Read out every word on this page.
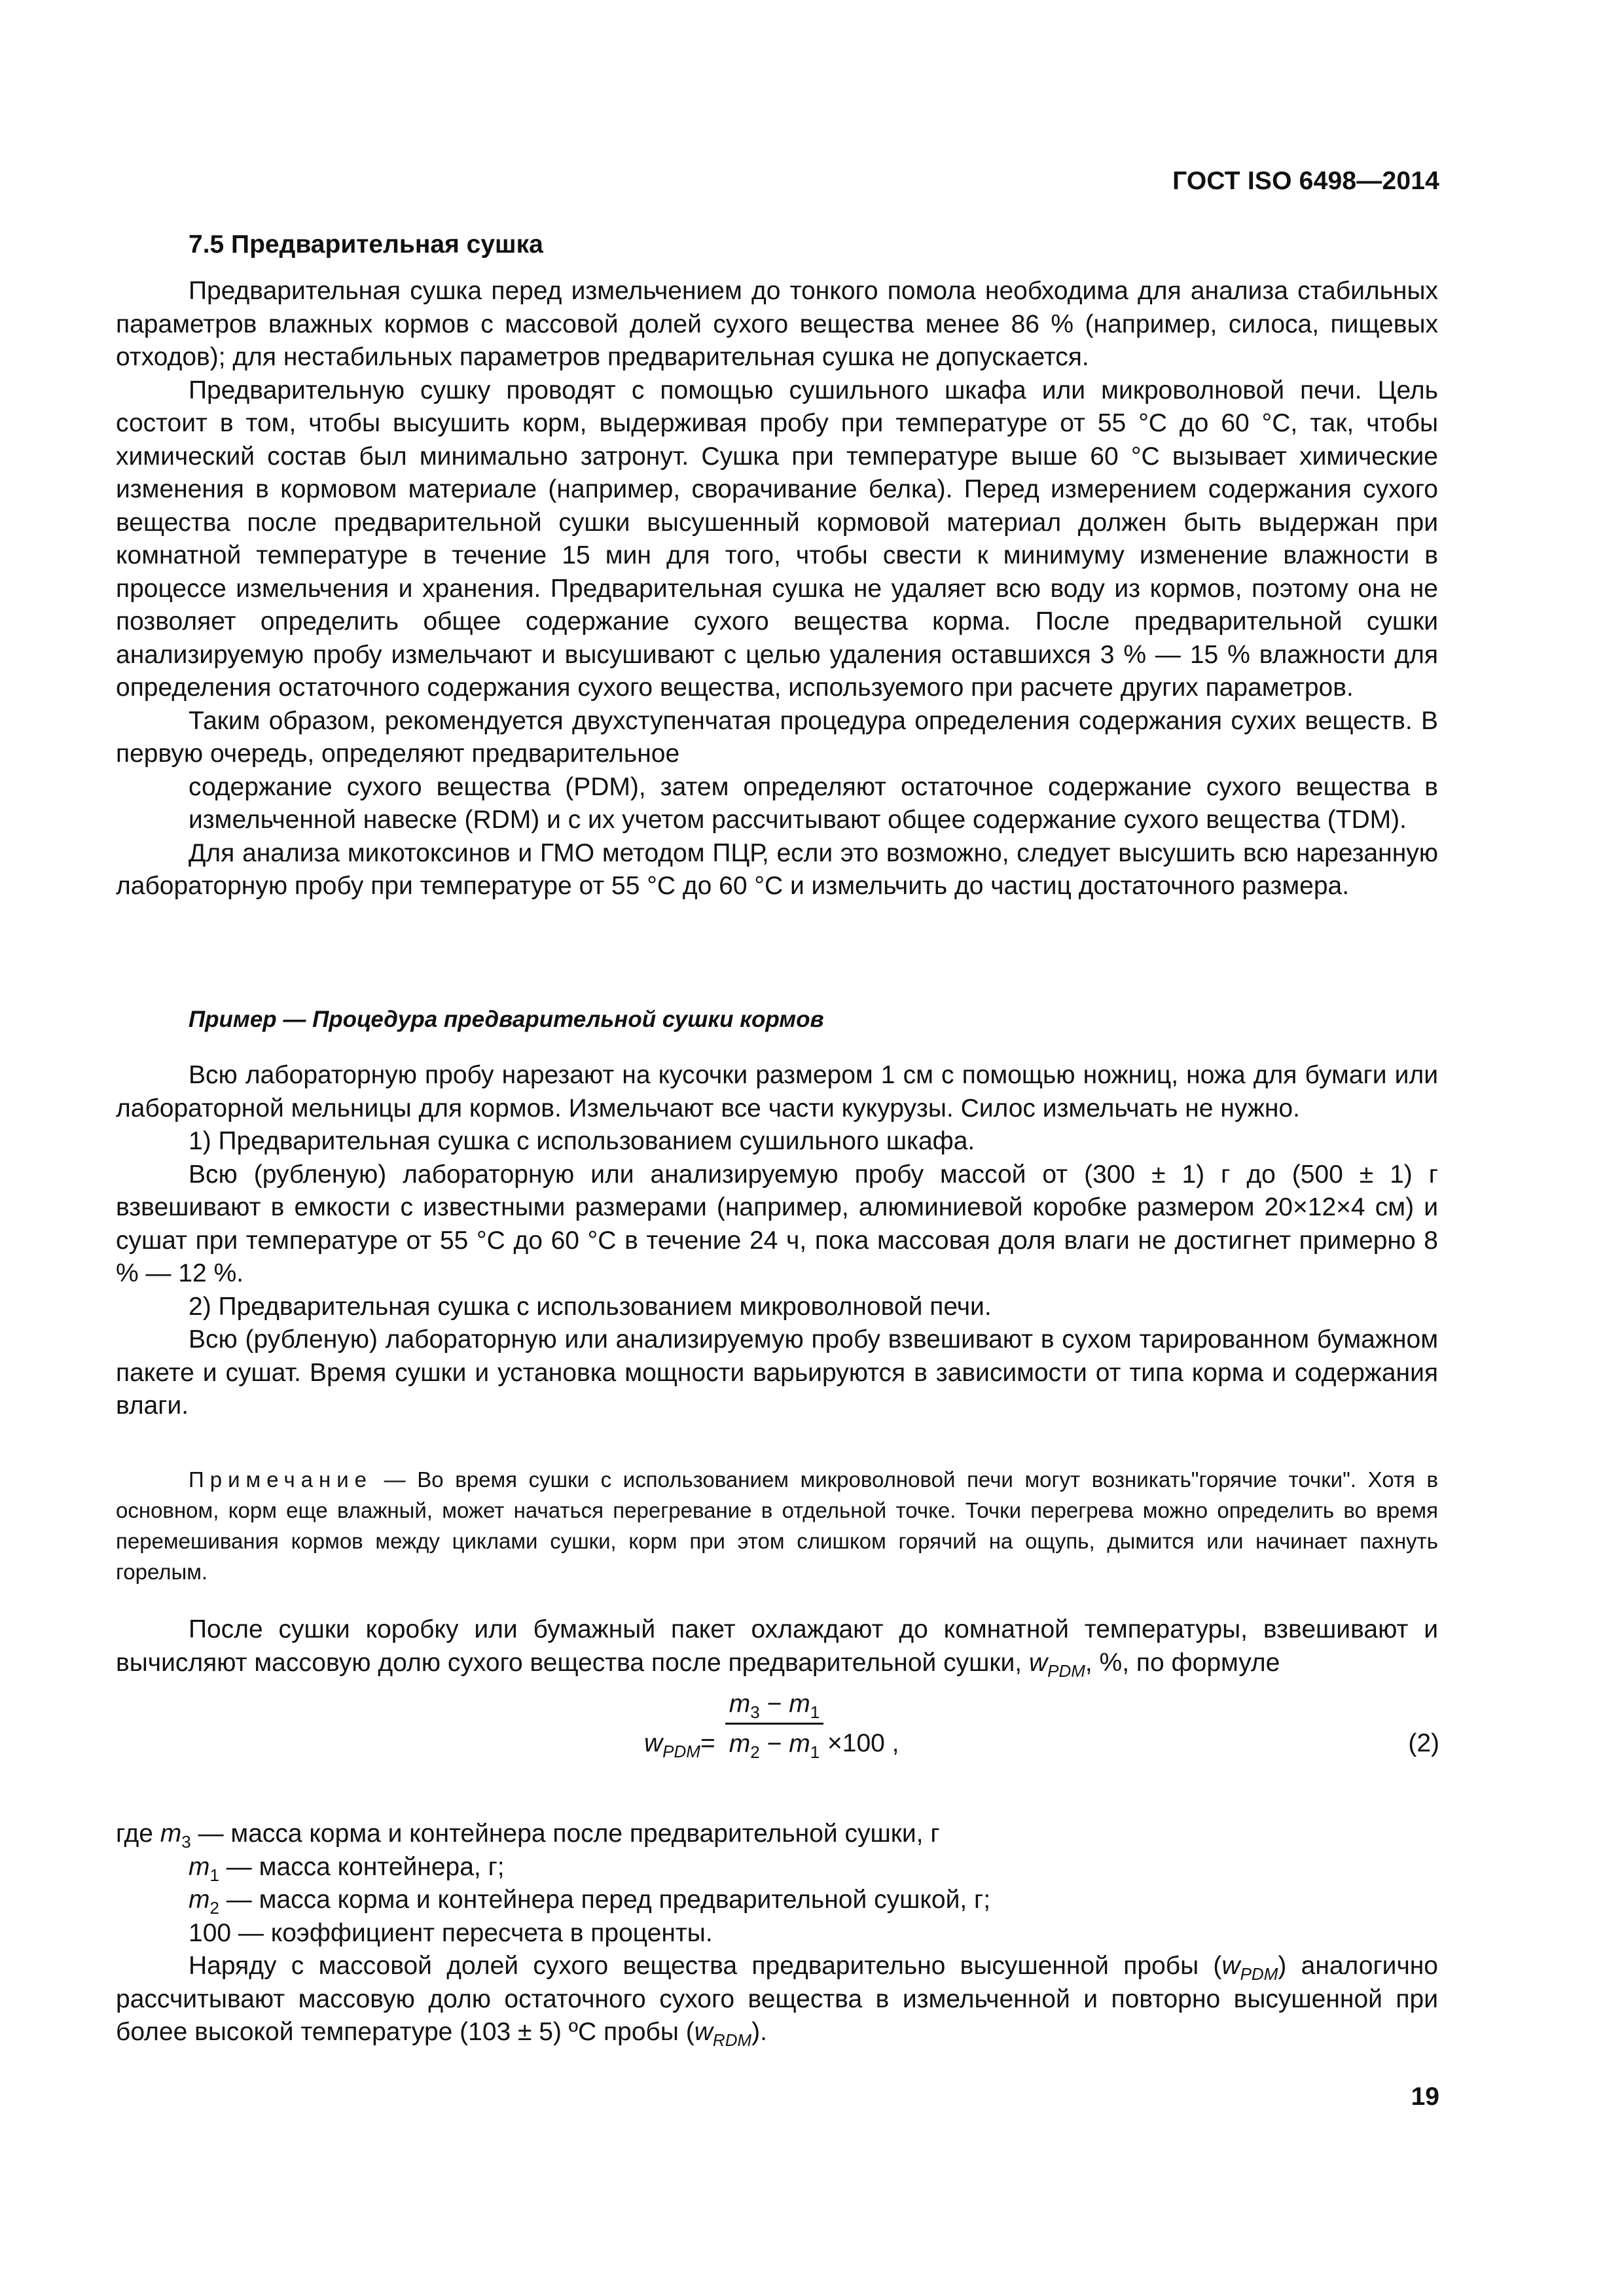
ГОСТ ISO 6498—2014
7.5 Предварительная сушка

Предварительная сушка перед измельчением до тонкого помола необходима для анализа стабильных параметров влажных кормов с массовой долей сухого вещества менее 86 % (например, силоса, пищевых отходов); для нестабильных параметров предварительная сушка не допускается.

Предварительную сушку проводят с помощью сушильного шкафа или микроволновой печи. Цель состоит в том, чтобы высушить корм, выдерживая пробу при температуре от 55 °С до 60 °С, так, чтобы химический состав был минимально затронут. Сушка при температуре выше 60 °С вызывает химические изменения в кормовом материале (например, сворачивание белка). Перед измерением содержания сухого вещества после предварительной сушки высушенный кормовой материал должен быть выдержан при комнатной температуре в течение 15 мин для того, чтобы свести к минимуму изменение влажности в процессе измельчения и хранения. Предварительная сушка не удаляет всю воду из кормов, поэтому она не позволяет определить общее содержание сухого вещества корма. После предварительной сушки анализируемую пробу измельчают и высушивают с целью удаления оставшихся 3 % — 15 % влажности для определения остаточного содержания сухого вещества, используемого при расчете других параметров.

Таким образом, рекомендуется двухступенчатая процедура определения содержания сухих веществ. В первую очередь, определяют предварительное

содержание сухого вещества (PDM), затем определяют остаточное содержание сухого вещества в измельченной навеске (RDM) и с их учетом рассчитывают общее содержание сухого вещества (TDM).

Для анализа микотоксинов и ГМО методом ПЦР, если это возможно, следует высушить всю нарезанную лабораторную пробу при температуре от 55 °С до 60 °С и измельчить до частиц достаточного размера.

Пример — Процедура предварительной сушки кормов

Всю лабораторную пробу нарезают на кусочки размером 1 см с помощью ножниц, ножа для бумаги или лабораторной мельницы для кормов. Измельчают все части кукурузы. Силос измельчать не нужно.

1) Предварительная сушка с использованием сушильного шкафа.

Всю (рубленую) лабораторную или анализируемую пробу массой от (300 ± 1) г до (500 ± 1) г взвешивают в емкости с известными размерами (например, алюминиевой коробке размером 20×12×4 см) и сушат при температуре от 55 °С до 60 °С в течение 24 ч, пока массовая доля влаги не достигнет примерно 8 % — 12 %.

2) Предварительная сушка с использованием микроволновой печи.

Всю (рубленую) лабораторную или анализируемую пробу взвешивают в сухом тарированном бумажном пакете и сушат. Время сушки и установка мощности варьируются в зависимости от типа корма и содержания влаги.

Примечание — Во время сушки с использованием микроволновой печи могут возникать"горячие точки". Хотя в основном, корм еще влажный, может начаться перегревание в отдельной точке. Точки перегрева можно определить во время перемешивания кормов между циклами сушки, корм при этом слишком горячий на ощупь, дымится или начинает пахнуть горелым.

После сушки коробку или бумажный пакет охлаждают до комнатной температуры, взвешивают и вычисляют массовую долю сухого вещества после предварительной сушки, $w_{PDM}$, %, по формуле

$w_{PDM}=$
$m_3 - m_1$
$m_2 - m_1 \times 100$ ,	(2)

где $m_3$ — масса корма и контейнера после предварительной сушки, г

$m_1$ — масса контейнера, г;

$m_2$ — масса корма и контейнера перед предварительной сушкой, г;

100 — коэффициент пересчета в проценты.

Наряду с массовой долей сухого вещества предварительно высушенной пробы $(w_{PDM})$ аналогично рассчитывают массовую долю остаточного сухого вещества в измельченной и повторно высушенной при более высокой температуре (103 ± 5) ºС пробы $(w_{RDM})$.

19
